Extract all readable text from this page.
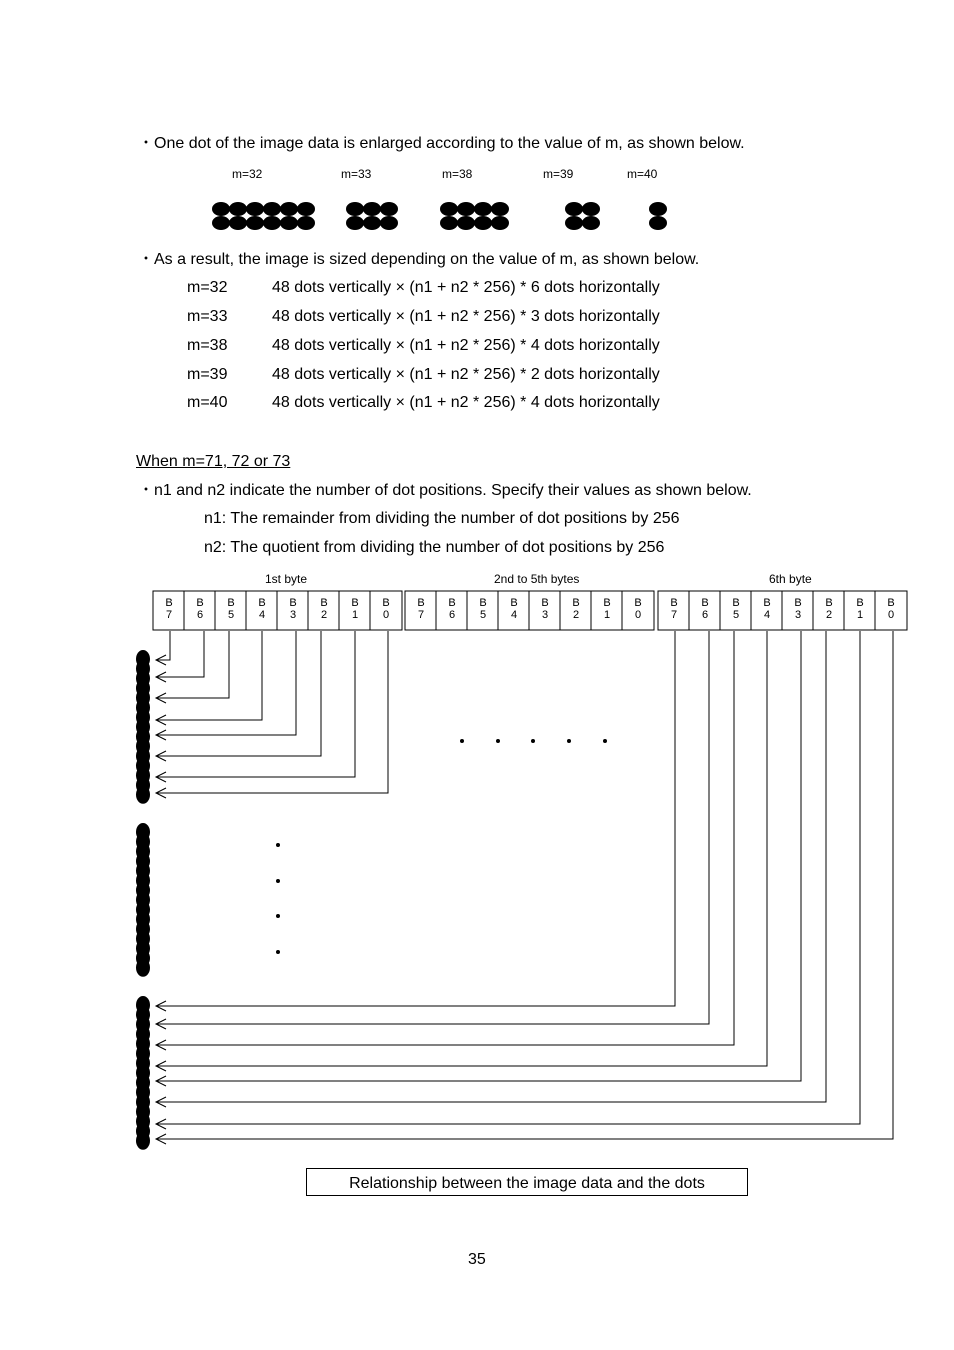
・One dot of the image data is enlarged according to the value of m, as shown below.
m=32	m=33	m=38	m=39	m=40
・As a result, the image is sized depending on the value of m, as shown below.
m=32	48 dots vertically × (n1 + n2 * 256) * 6 dots horizontally
m=33	48 dots vertically × (n1 + n2 * 256) * 3 dots horizontally
m=38	48 dots vertically × (n1 + n2 * 256) * 4 dots horizontally
m=39	48 dots vertically × (n1 + n2 * 256) * 2 dots horizontally
m=40	48 dots vertically × (n1 + n2 * 256) * 4 dots horizontally
When m=71, 72 or 73
・n1 and n2 indicate the number of dot positions. Specify their values as shown below.
n1: The remainder from dividing the number of dot positions by 256
n2: The quotient from dividing the number of dot positions by 256
1st byte	2nd to 5th bytes	6th byte
B
7
B
6
B
5
B
4
B
3
B
2
B
1
B
0
B
7
B
6
B
5
B
4
B
3
B
2
B
1
B
0
B
7
B
6
B
5
B
4
B
3
B
2
B
1
B
0
Relationship between the image data and the dots
35
